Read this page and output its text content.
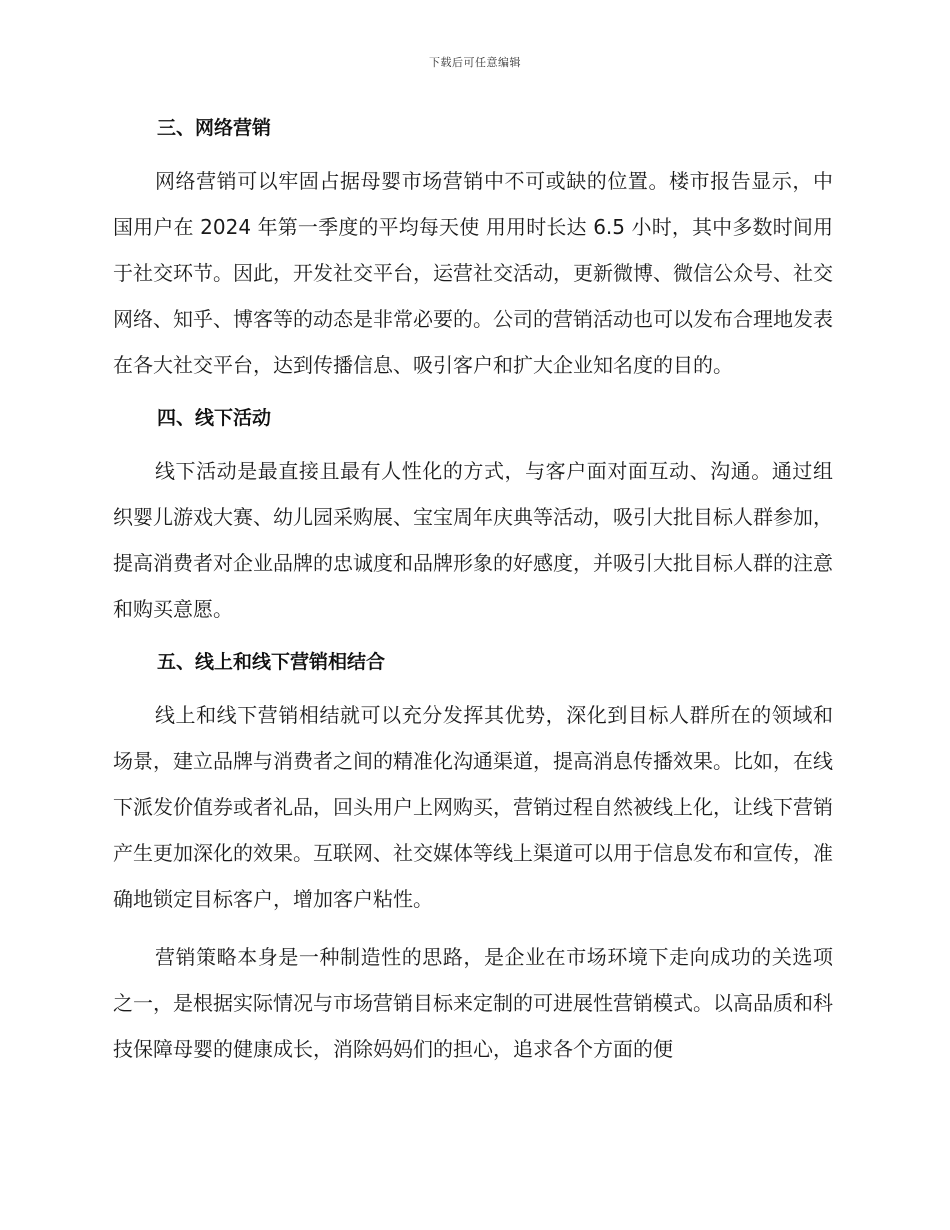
下载后可任意编辑
三、网络营销

网络营销可以牢固占据母婴市场营销中不可或缺的位置。楼市报告显示，中国用户在 2024 年第一季度的平均每天使 用用时长达 6.5 小时，其中多数时间用于社交环节。因此，开发社交平台，运营社交活动，更新微博、微信公众号、社交网络、知乎、博客等的动态是非常必要的。公司的营销活动也可以发布合理地发表在各大社交平台，达到传播信息、吸引客户和扩大企业知名度的目的。

四、线下活动

线下活动是最直接且最有人性化的方式，与客户面对面互动、沟通。通过组织婴儿游戏大赛、幼儿园采购展、宝宝周年庆典等活动，吸引大批目标人群参加，提高消费者对企业品牌的忠诚度和品牌形象的好感度，并吸引大批目标人群的注意和购买意愿。

五、线上和线下营销相结合

线上和线下营销相结就可以充分发挥其优势，深化到目标人群所在的领域和场景，建立品牌与消费者之间的精准化沟通渠道，提高消息传播效果。比如，在线下派发价值券或者礼品，回头用户上网购买，营销过程自然被线上化，让线下营销产生更加深化的效果。互联网、社交媒体等线上渠道可以用于信息发布和宣传，准确地锁定目标客户，增加客户粘性。

营销策略本身是一种制造性的思路，是企业在市场环境下走向成功的关选项之一，是根据实际情况与市场营销目标来定制的可进展性营销模式。以高品质和科技保障母婴的健康成长，消除妈妈们的担心，追求各个方面的便
